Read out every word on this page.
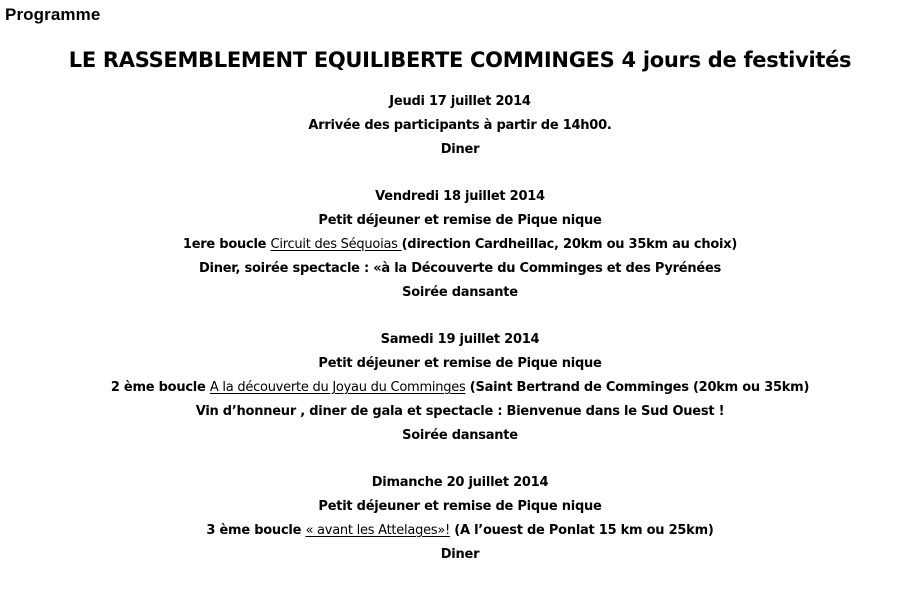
Programme
LE RASSEMBLEMENT EQUILIBERTE COMMINGES 4 jours de festivités
Jeudi 17 juillet 2014
Arrivée des participants à partir de 14h00.
Diner
Vendredi 18 juillet 2014
Petit déjeuner et remise de Pique nique
1ere boucle Circuit des Séquoias (direction Cardheillac, 20km ou 35km au choix)
Diner, soirée spectacle : «à la Découverte du Comminges et des Pyrénées
Soirée dansante
Samedi 19 juillet 2014
Petit déjeuner et remise de Pique nique
2 ème boucle A la découverte du Joyau du Comminges (Saint Bertrand de Comminges (20km ou 35km)
Vin d’honneur , diner de gala et spectacle : Bienvenue dans le Sud Ouest !
Soirée dansante
Dimanche 20 juillet 2014
Petit déjeuner et remise de Pique nique
3 ème boucle « avant les Attelages»! (A l’ouest de Ponlat 15 km ou 25km)
Diner
